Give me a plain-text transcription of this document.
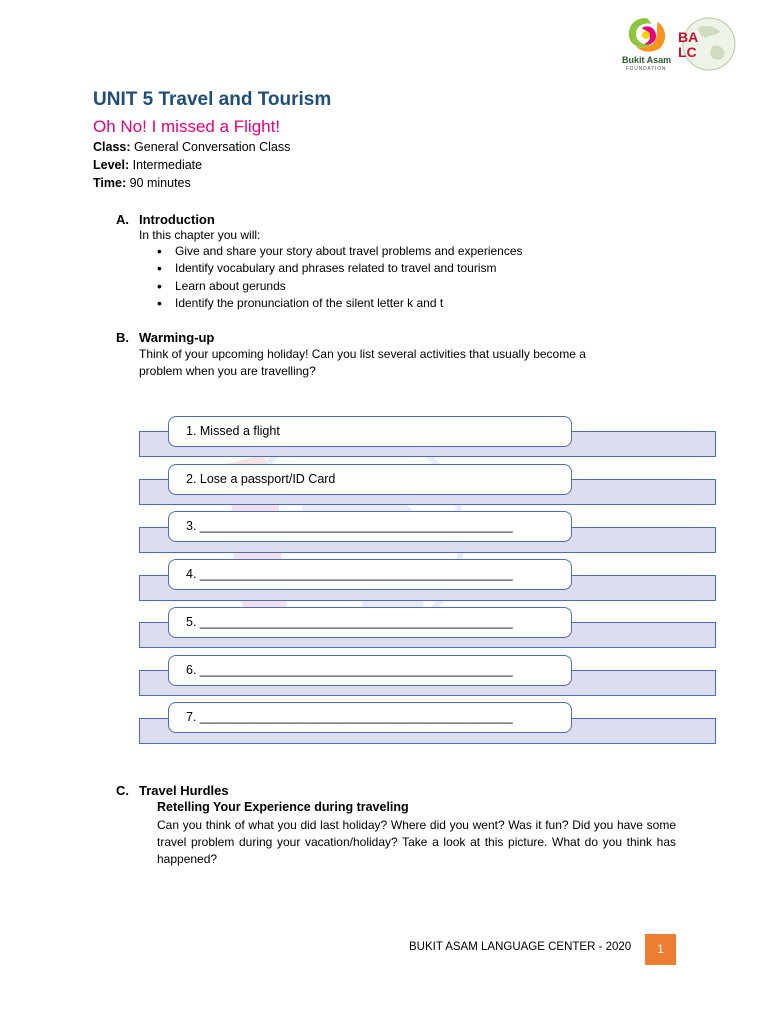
Bukit Asam
FOUNDATION
BA
LC
UNIT 5 Travel and Tourism
Oh No! I missed a Flight!
Class: General Conversation Class
Level: Intermediate
Time: 90 minutes
A. Introduction
In this chapter you will:
• Give and share your story about travel problems and experiences
• Identify vocabulary and phrases related to travel and tourism
• Learn about gerunds
• Identify the pronunciation of the silent letter k and t
B. Warming-up
Think of your upcoming holiday! Can you list several activities that usually become a
problem when you are travelling?
1. Missed a flight
2. Lose a passport/ID Card
3. _____________________________________________
4. _____________________________________________
5. _____________________________________________
6. _____________________________________________
7. _____________________________________________
C. Travel Hurdles
Retelling Your Experience during traveling
Can you think of what you did last holiday? Where did you went? Was it fun? Did you have some travel problem during your vacation/holiday? Take a look at this picture. What do you think has happened?
BUKIT ASAM LANGUAGE CENTER - 2020	1
